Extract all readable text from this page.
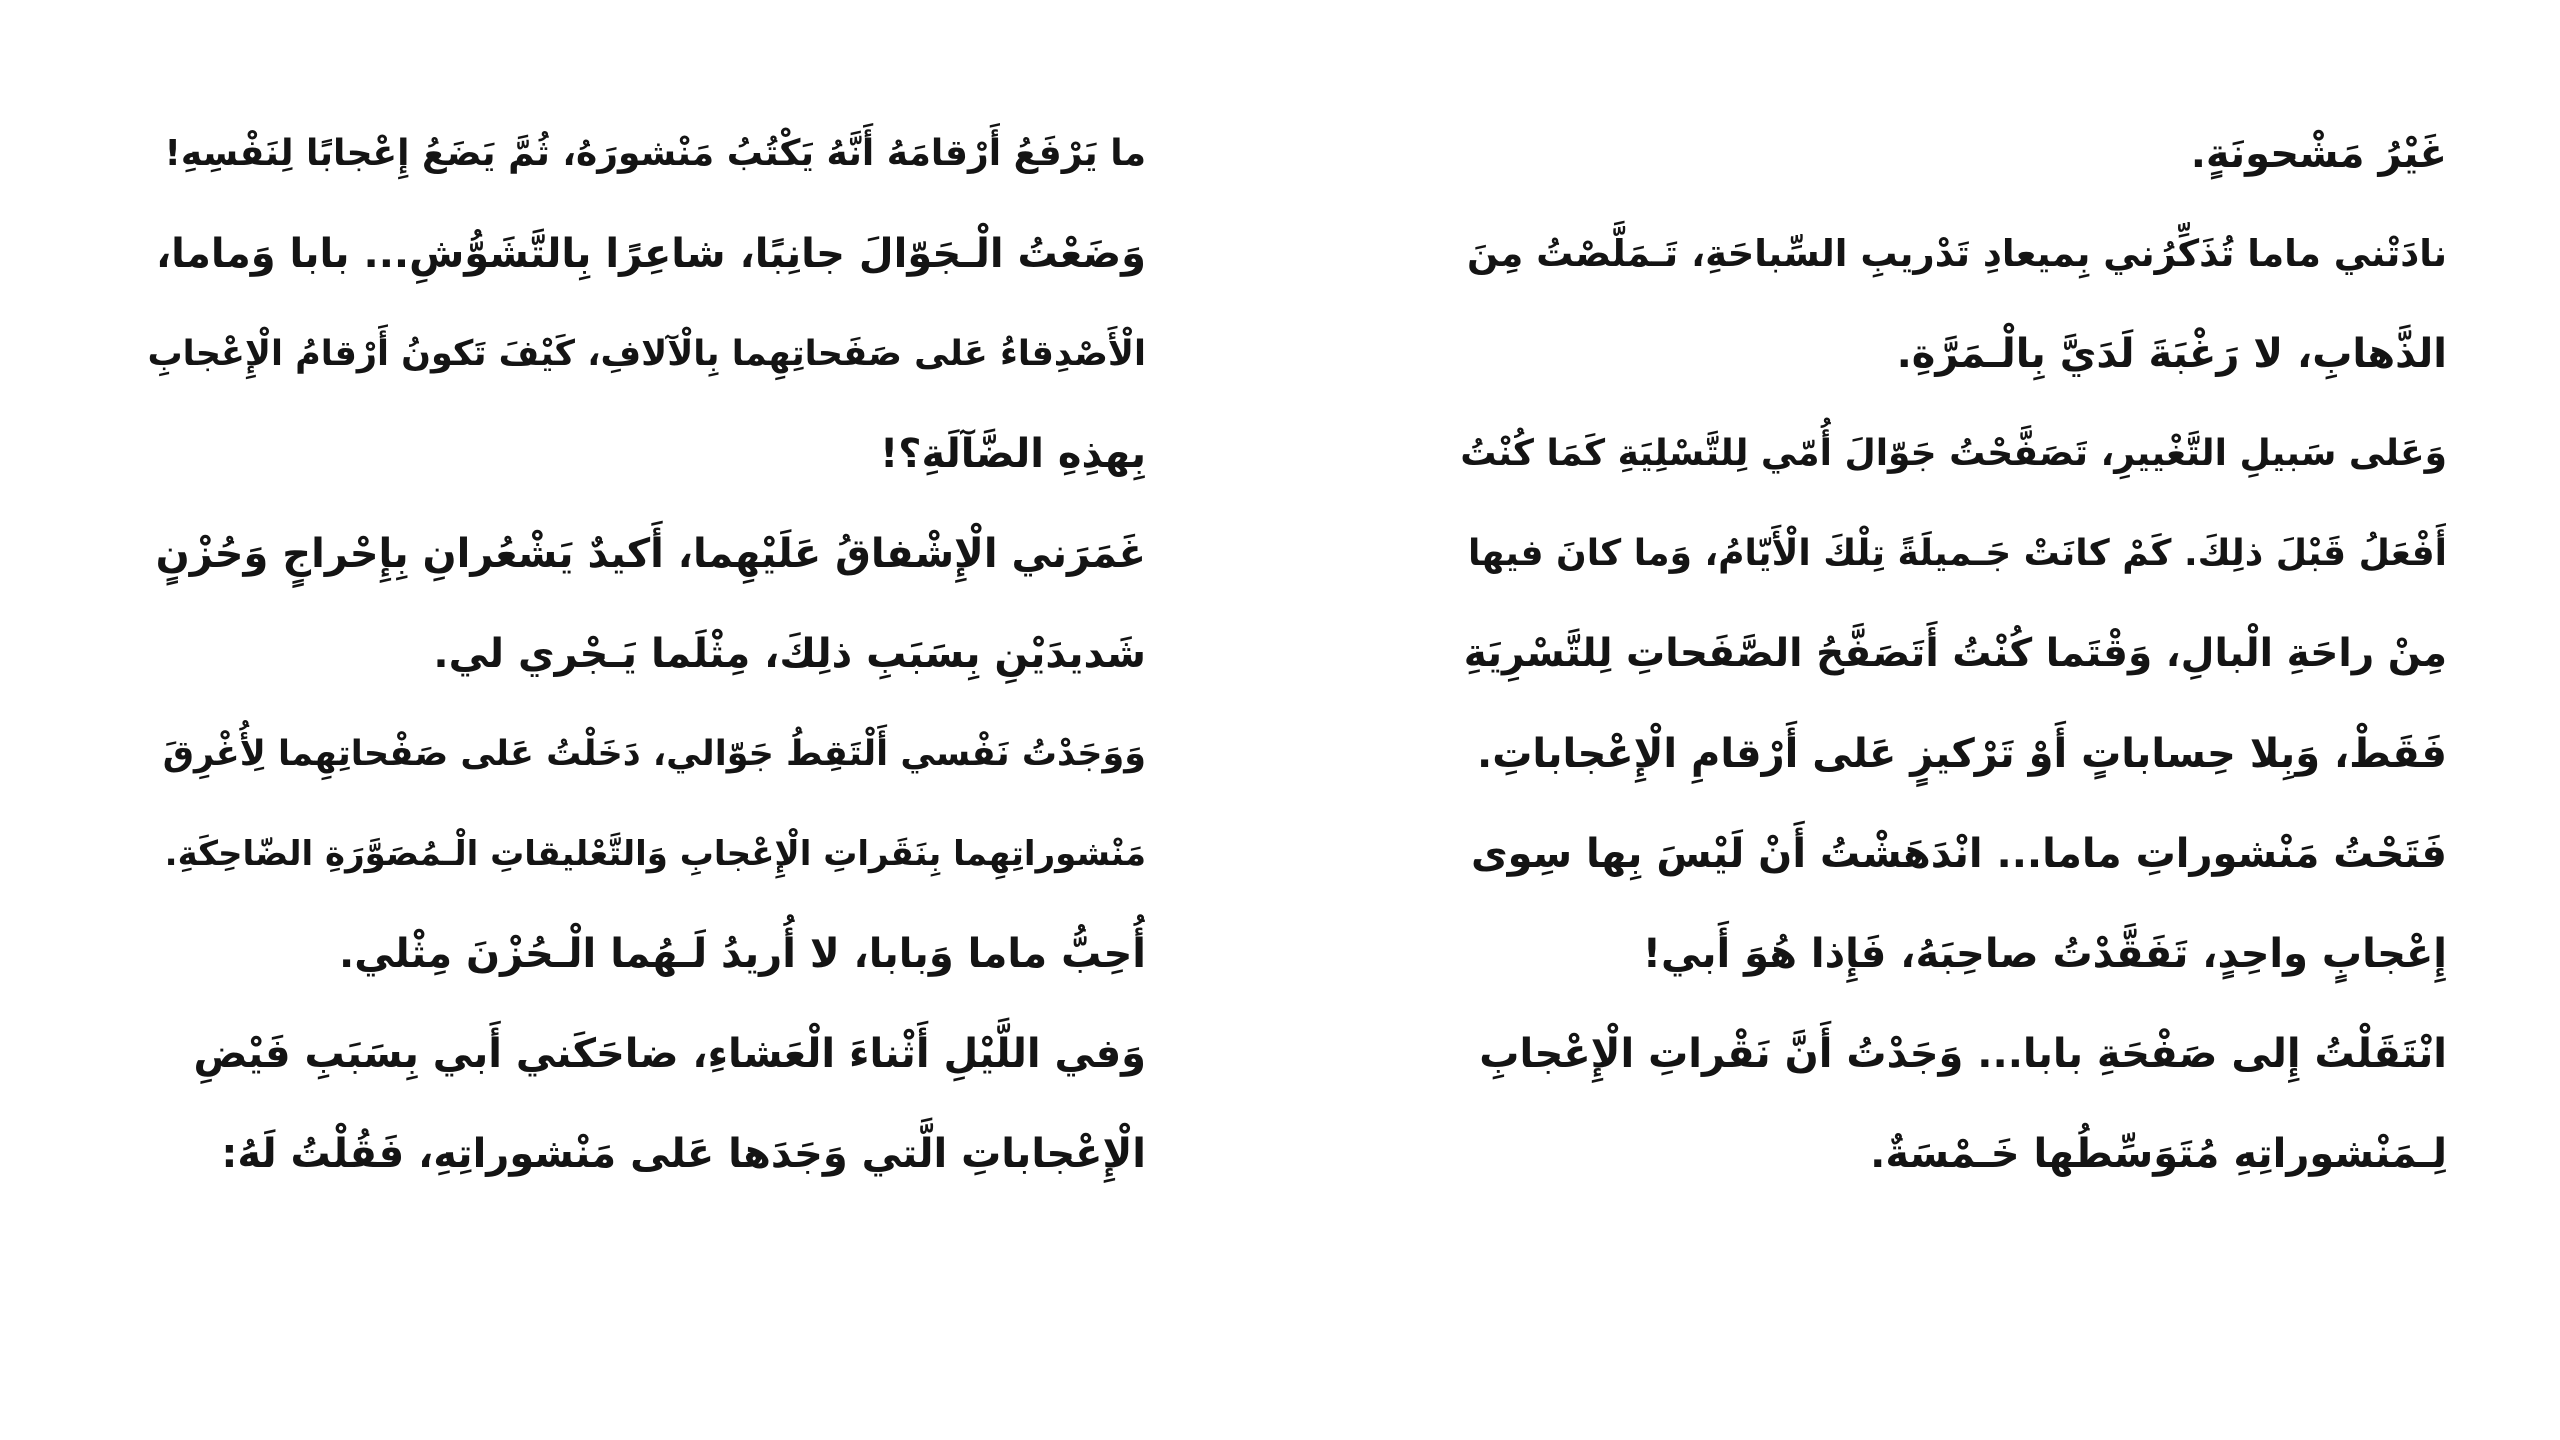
غَيْرُ مَشْحونَةٍ.
نادَتْني ماما تُذَكِّرُني بِميعادِ تَدْريبِ السِّباحَةِ، تَـمَلَّصْتُ مِنَ
الذَّهابِ، لا رَغْبَةَ لَدَيَّ بِالْـمَرَّةِ.
وَعَلى سَبيلِ التَّغْييرِ، تَصَفَّحْتُ جَوّالَ أُمّي لِلتَّسْلِيَةِ كَمَا كُنْتُ
أَفْعَلُ قَبْلَ ذلِكَ. كَمْ كانَتْ جَـميلَةً تِلْكَ الْأَيّامُ، وَما كانَ فيها
مِنْ راحَةِ الْبالِ، وَقْتَما كُنْتُ أَتَصَفَّحُ الصَّفَحاتِ لِلتَّسْرِيَةِ
فَقَطْ، وَبِلا حِساباتٍ أَوْ تَرْكيزٍ عَلى أَرْقامِ الْإِعْجاباتِ.
فَتَحْتُ مَنْشوراتِ ماما... انْدَهَشْتُ أَنْ لَيْسَ بِها سِوى
إِعْجابٍ واحِدٍ، تَفَقَّدْتُ صاحِبَهُ، فَإِذا هُوَ أَبي!
انْتَقَلْتُ إِلى صَفْحَةِ بابا... وَجَدْتُ أَنَّ نَقْراتِ الْإِعْجابِ
لِـمَنْشوراتِهِ مُتَوَسِّطُها خَـمْسَةٌ.
ما يَرْفَعُ أَرْقامَهُ أَنَّهُ يَكْتُبُ مَنْشورَهُ، ثُمَّ يَضَعُ إِعْجابًا لِنَفْسِهِ!
وَضَعْتُ الْـجَوّالَ جانِبًا، شاعِرًا بِالتَّشَوُّشِ... بابا وَماما،
الْأَصْدِقاءُ عَلى صَفَحاتِهِما بِالْآلافِ، كَيْفَ تَكونُ أَرْقامُ الْإِعْجابِ
بِهذِهِ الضَّآلَةِ؟!
غَمَرَني الْإِشْفاقُ عَلَيْهِما، أَكيدٌ يَشْعُرانِ بِإِحْراجٍ وَحُزْنٍ
شَديدَيْنِ بِسَبَبِ ذلِكَ، مِثْلَما يَـجْري لي.
وَوَجَدْتُ نَفْسي أَلْتَقِطُ جَوّالي، دَخَلْتُ عَلى صَفْحاتِهِما لِأُغْرِقَ
مَنْشوراتِهِما بِنَقَراتِ الْإِعْجابِ وَالتَّعْليقاتِ الْـمُصَوَّرَةِ الضّاحِكَةِ.
أُحِبُّ ماما وَبابا، لا أُريدُ لَـهُما الْـحُزْنَ مِثْلي.
وَفي اللَّيْلِ أَثْناءَ الْعَشاءِ، ضاحَكَني أَبي بِسَبَبِ فَيْضِ
الْإِعْجاباتِ الَّتي وَجَدَها عَلى مَنْشوراتِهِ، فَقُلْتُ لَهُ:
